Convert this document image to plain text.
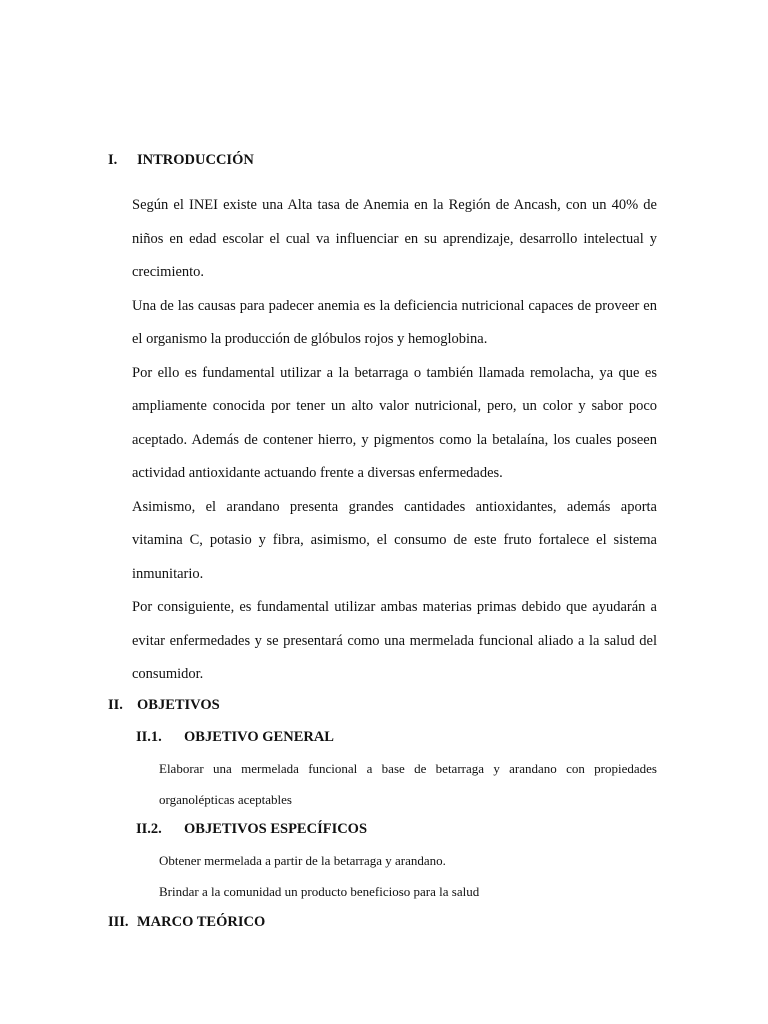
I. INTRODUCCIÓN

Según el INEI existe una Alta tasa de Anemia en la Región de Ancash, con un 40% de niños en edad escolar el cual va influenciar en su aprendizaje, desarrollo intelectual y crecimiento.

Una de las causas para padecer anemia es la deficiencia nutricional capaces de proveer en el organismo la producción de glóbulos rojos y hemoglobina.

Por ello es fundamental utilizar a la betarraga o también llamada remolacha, ya que es ampliamente conocida por tener un alto valor nutricional, pero, un color y sabor poco aceptado. Además de contener hierro, y pigmentos como la betalaína, los cuales poseen actividad antioxidante actuando frente a diversas enfermedades.

Asimismo, el arandano presenta grandes cantidades antioxidantes, además aporta vitamina C, potasio y fibra, asimismo, el consumo de este fruto fortalece el sistema inmunitario.

Por consiguiente, es fundamental utilizar ambas materias primas debido que ayudarán a evitar enfermedades y se presentará como una mermelada funcional aliado a la salud del consumidor.

II. OBJETIVOS
II.1. OBJETIVO GENERAL

Elaborar una mermelada funcional a base de betarraga y arandano con propiedades organolépticas aceptables

II.2. OBJETIVOS ESPECÍFICOS

Obtener mermelada a partir de la betarraga y arandano.

Brindar a la comunidad un producto beneficioso para la salud

III. MARCO TEÓRICO
